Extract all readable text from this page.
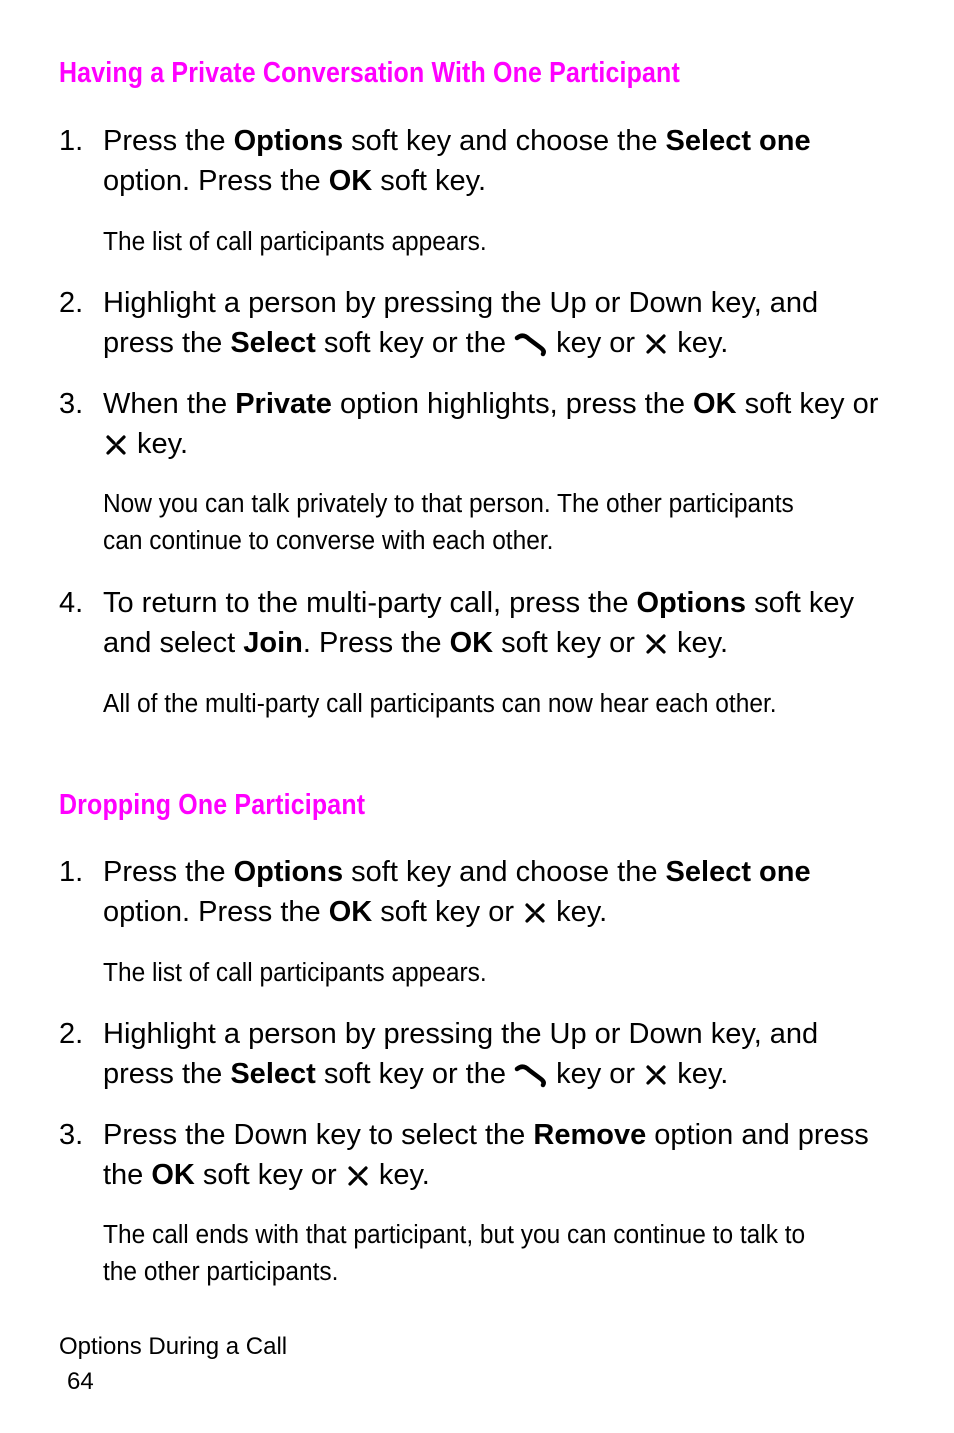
Having a Private Conversation With One Participant
1. Press the Options soft key and choose the Select one option. Press the OK soft key.
The list of call participants appears.
2. Highlight a person by pressing the Up or Down key, and press the Select soft key or the
key or
key.
3. When the Private option highlights, press the OK soft key or
key.
Now you can talk privately to that person. The other participants can continue to converse with each other.
4. To return to the multi-party call, press the Options soft key and select Join. Press the OK soft key or
key.
All of the multi-party call participants can now hear each other.
Dropping One Participant
1. Press the Options soft key and choose the Select one option. Press the OK soft key or
key.
The list of call participants appears.
2. Highlight a person by pressing the Up or Down key, and press the Select soft key or the
key or
key.
3. Press the Down key to select the Remove option and press the OK soft key or
key.
The call ends with that participant, but you can continue to talk to the other participants.
Options During a Call
64
